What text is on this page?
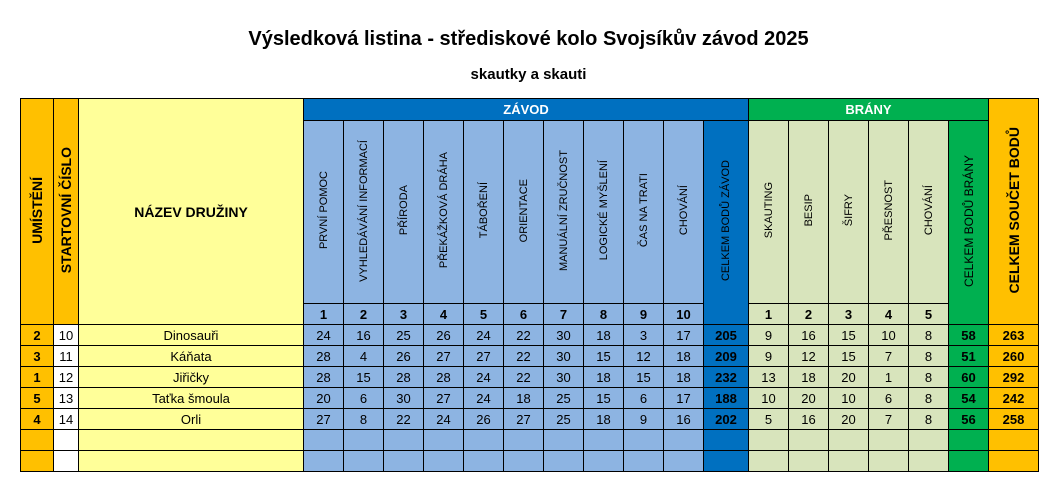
Výsledková listina - střediskové kolo Svojsíkův závod 2025
skautky a skauti
UMÍSTĚNÍ	STARTOVNÍ ČÍSLO	NÁZEV DRUŽINY	ZÁVOD											BRÁNY						CELKEM SOUČET BODŮ
			PRVNÍ POMOC	VYHLEDÁVÁNÍ INFORMACÍ	PŘÍRODA	PŘEKÁŽKOVÁ DRÁHA	TÁBOŘENÍ	ORIENTACE	MANUÁLNÍ ZRUČNOST	LOGICKÉ MYŠLENÍ	ČAS NA TRATI	CHOVÁNÍ	CELKEM BODŮ ZÁVOD	SKAUTING	BESIP	ŠIFRY	PŘESNOST	CHOVÁNÍ	CELKEM BODŮ BRÁNY	
			1	2	3	4	5	6	7	8	9	10		1	2	3	4	5		
2	10	Dinosauři	24	16	25	26	24	22	30	18	3	17	205	9	16	15	10	8	58	263
3	11	Káňata	28	4	26	27	27	22	30	15	12	18	209	9	12	15	7	8	51	260
1	12	Jiřičky	28	15	28	28	24	22	30	18	15	18	232	13	18	20	1	8	60	292
5	13	Taťka šmoula	20	6	30	27	24	18	25	15	6	17	188	10	20	10	6	8	54	242
4	14	Orli	27	8	22	24	26	27	25	18	9	16	202	5	16	20	7	8	56	258
